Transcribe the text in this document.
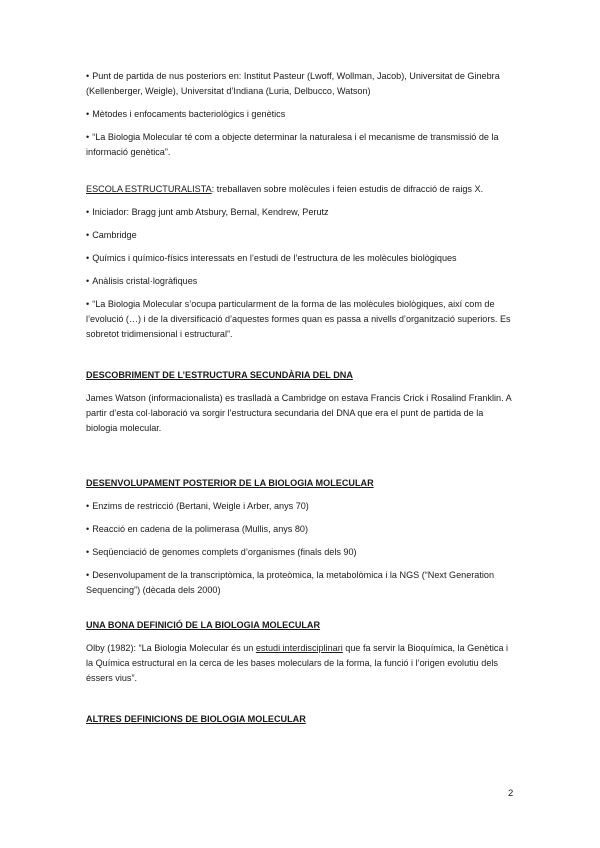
• Punt de partida de nus posteriors en: Institut Pasteur (Lwoff, Wollman, Jacob), Universitat de Ginebra (Kellenberger, Weigle), Universitat d’Indiana (Luria, Delbucco, Watson)

• Mètodes i enfocaments bacteriològics i genètics

• “La Biologia Molecular té com a objecte determinar la naturalesa i el mecanisme de transmissió de la informació genètica”.

ESCOLA ESTRUCTURALISTA: treballaven sobre molècules i feien estudis de difracció de raigs X.

• Iniciador: Bragg junt amb Atsbury, Bernal, Kendrew, Perutz

• Cambridge

• Químics i químico-físics interessats en l’estudi de l’estructura de les molècules biològiques

• Anàlisis cristal·logràfiques

• “La Biologia Molecular s’ocupa particularment de la forma de las molècules biològiques, així com de l’evolució (…) i de la diversificació d’aquestes formes quan es passa a nivells d’organització superiors. Es sobretot tridimensional i estructural”.

DESCOBRIMENT DE L’ESTRUCTURA SECUNDÀRIA DEL DNA

James Watson (informacionalista) es traslladà a Cambridge on estava Francis Crick i Rosalind Franklin. A partir d’esta col·laboració va sorgir l’estructura secundaria del DNA que era el punt de partida de la biologia molecular.

DESENVOLUPAMENT POSTERIOR DE LA BIOLOGIA MOLECULAR

• Enzims de restricció (Bertani, Weigle i Arber, anys 70)

• Reacció en cadena de la polimerasa (Mullis, anys 80)

• Seqüenciació de genomes complets d’organismes (finals dels 90)

• Desenvolupament de la transcriptòmica, la proteòmica, la metabolòmica i la NGS (“Next Generation Sequencing”) (dècada dels 2000)

UNA BONA DEFINICIÓ DE LA BIOLOGIA MOLECULAR

Olby (1982): “La Biologia Molecular és un estudi interdisciplinari que fa servir la Bioquímica, la Genètica i la Química estructural en la cerca de les bases moleculars de la forma, la funció i l’origen evolutiu dels éssers vius”.

ALTRES DEFINICIONS DE BIOLOGIA MOLECULAR

2
